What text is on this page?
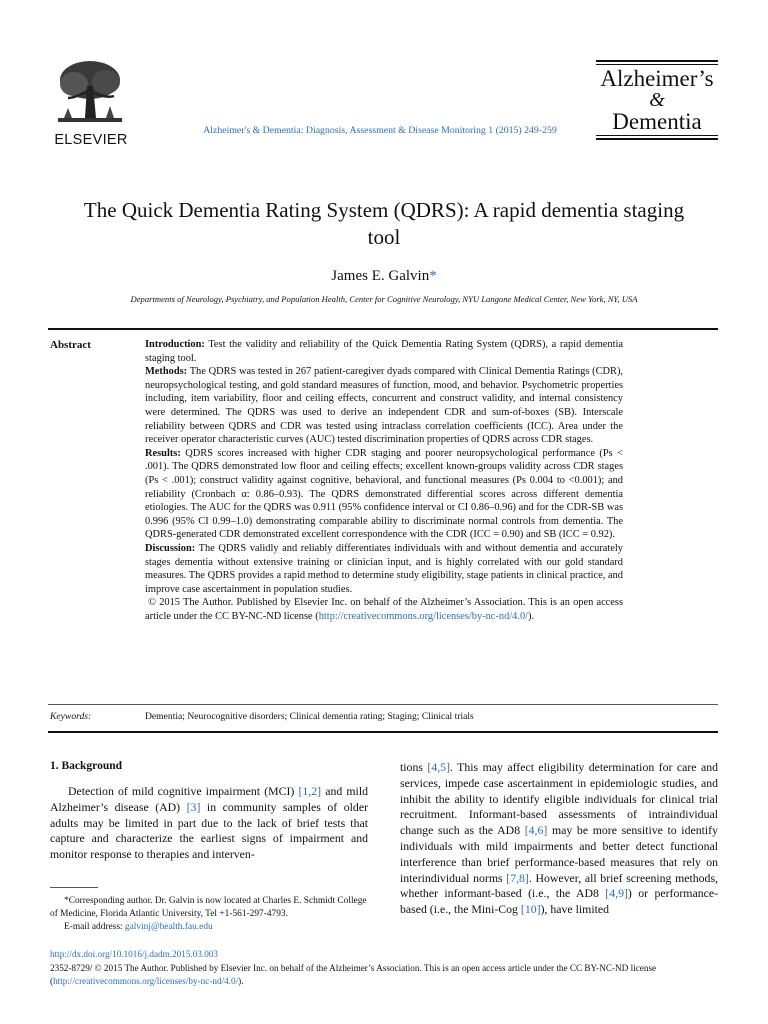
ELSEVIER
Alzheimer's & Dementia: Diagnosis, Assessment & Disease Monitoring 1 (2015) 249-259
Alzheimer’s
&
Dementia
The Quick Dementia Rating System (QDRS): A rapid dementia staging tool
James E. Galvin*
Departments of Neurology, Psychiatry, and Population Health, Center for Cognitive Neurology, NYU Langone Medical Center, New York, NY, USA
Abstract	Introduction: Test the validity and reliability of the Quick Dementia Rating System (QDRS), a rapid dementia staging tool.

Methods: The QDRS was tested in 267 patient-caregiver dyads compared with Clinical Dementia Ratings (CDR), neuropsychological testing, and gold standard measures of function, mood, and behavior. Psychometric properties including, item variability, floor and ceiling effects, concurrent and construct validity, and internal consistency were determined. The QDRS was used to derive an independent CDR and sum-of-boxes (SB). Interscale reliability between QDRS and CDR was tested using intraclass correlation coefficients (ICC). Area under the receiver operator characteristic curves (AUC) tested discrimination properties of QDRS across CDR stages.

Results: QDRS scores increased with higher CDR staging and poorer neuropsychological performance (Ps < .001). The QDRS demonstrated low floor and ceiling effects; excellent known-groups validity across CDR stages (Ps < .001); construct validity against cognitive, behavioral, and functional measures (Ps 0.004 to <0.001); and reliability (Cronbach α: 0.86–0.93). The QDRS demonstrated differential scores across different dementia etiologies. The AUC for the QDRS was 0.911 (95% confidence interval or CI 0.86–0.96) and for the CDR-SB was 0.996 (95% CI 0.99–1.0) demonstrating comparable ability to discriminate normal controls from dementia. The QDRS-generated CDR demonstrated excellent correspondence with the CDR (ICC = 0.90) and SB (ICC = 0.92).

Discussion: The QDRS validly and reliably differentiates individuals with and without dementia and accurately stages dementia without extensive training or clinician input, and is highly correlated with our gold standard measures. The QDRS provides a rapid method to determine study eligibility, stage patients in clinical practice, and improve case ascertainment in population studies.

© 2015 The Author. Published by Elsevier Inc. on behalf of the Alzheimer’s Association. This is an open access article under the CC BY-NC-ND license (http://creativecommons.org/licenses/by-nc-nd/4.0/).

Keywords:	Dementia; Neurocognitive disorders; Clinical dementia rating; Staging; Clinical trials
1. Background

Detection of mild cognitive impairment (MCI) [1,2] and mild Alzheimer’s disease (AD) [3] in community samples of older adults may be limited in part due to the lack of brief tests that capture and characterize the earliest signs of impairment and monitor response to therapies and interven-

tions [4,5]. This may affect eligibility determination for care and services, impede case ascertainment in epidemiologic studies, and inhibit the ability to identify eligible individuals for clinical trial recruitment. Informant-based assessments of intraindividual change such as the AD8 [4,6] may be more sensitive to identify individuals with mild impairments and better detect functional interference than brief performance-based measures that rely on interindividual norms [7,8]. However, all brief screening methods, whether informant-based (i.e., the AD8 [4,9]) or performance-based (i.e., the Mini-Cog [10]), have limited

*Corresponding author. Dr. Galvin is now located at Charles E. Schmidt College of Medicine, Florida Atlantic University, Tel +1-561-297-4793.

E-mail address: galvinj@health.fau.edu

http://dx.doi.org/10.1016/j.dadm.2015.03.003

2352-8729/ © 2015 The Author. Published by Elsevier Inc. on behalf of the Alzheimer’s Association. This is an open access article under the CC BY-NC-ND license (http://creativecommons.org/licenses/by-nc-nd/4.0/).
